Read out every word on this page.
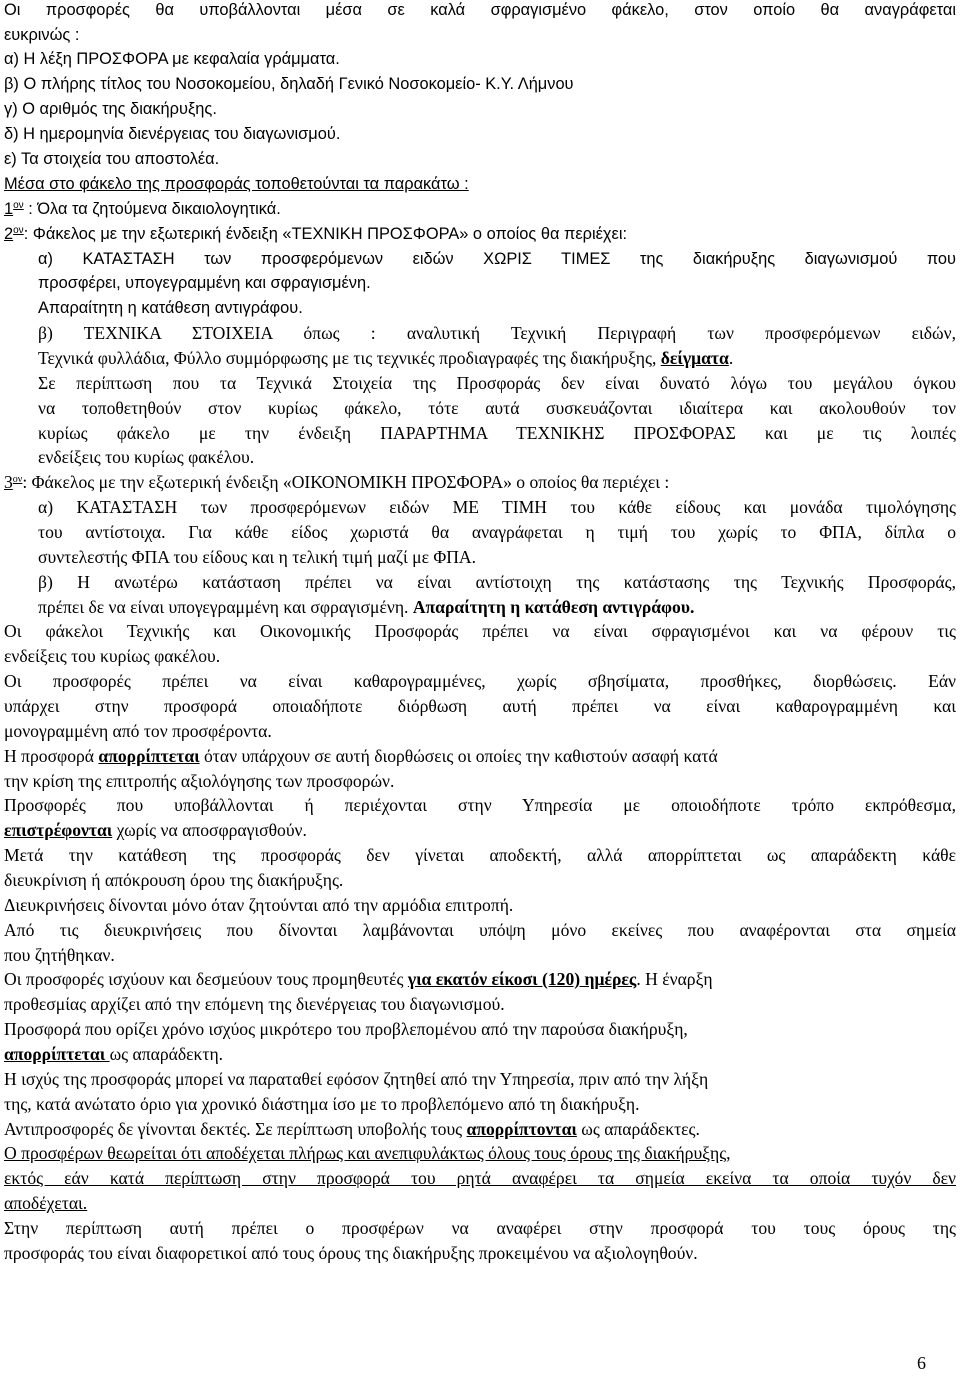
Οι προσφορές θα υποβάλλονται μέσα σε καλά σφραγισμένο φάκελο, στον οποίο θα αναγράφεται
ευκρινώς :
α) Η λέξη ΠΡΟΣΦΟΡΑ με κεφαλαία γράμματα.
β) Ο πλήρης τίτλος του Νοσοκομείου, δηλαδή Γενικό Νοσοκομείο- Κ.Υ. Λήμνου
γ) Ο αριθμός της διακήρυξης.
δ) Η ημερομηνία διενέργειας του διαγωνισμού.
ε) Τα στοιχεία του αποστολέα.
Μέσα στο φάκελο της προσφοράς τοποθετούνται τα παρακάτω :
$1^{o\nu}$ : Όλα τα ζητούμενα δικαιολογητικά.
$2^{o\nu}$: Φάκελος με την εξωτερική ένδειξη «ΤΕΧΝΙΚΗ ΠΡΟΣΦΟΡΑ» ο οποίος θα περιέχει:
α) ΚΑΤΑΣΤΑΣΗ των προσφερόμενων ειδών ΧΩΡΙΣ ΤΙΜΕΣ της διακήρυξης διαγωνισμού που
προσφέρει, υπογεγραμμένη και σφραγισμένη.
Απαραίτητη η κατάθεση αντιγράφου.
β) ΤΕΧΝΙΚΑ ΣΤΟΙΧΕΙΑ όπως : αναλυτική Τεχνική Περιγραφή των προσφερόμενων ειδών,
Τεχνικά φυλλάδια, Φύλλο συμμόρφωσης με τις τεχνικές προδιαγραφές της διακήρυξης, δείγματα.
Σε περίπτωση που τα Τεχνικά Στοιχεία της Προσφοράς δεν είναι δυνατό λόγω του μεγάλου όγκου
να τοποθετηθούν στον κυρίως φάκελο, τότε αυτά συσκευάζονται ιδιαίτερα και ακολουθούν τον
κυρίως φάκελο με την ένδειξη ΠΑΡΑΡΤΗΜΑ ΤΕΧΝΙΚΗΣ ΠΡΟΣΦΟΡΑΣ και με τις λοιπές
ενδείξεις του κυρίως φακέλου.
$3^{o\nu}$: Φάκελος με την εξωτερική ένδειξη «ΟΙΚΟΝΟΜΙΚΗ ΠΡΟΣΦΟΡΑ» ο οποίος θα περιέχει :
α) ΚΑΤΑΣΤΑΣΗ των προσφερόμενων ειδών ΜΕ ΤΙΜΗ του κάθε είδους και μονάδα τιμολόγησης
του αντίστοιχα. Για κάθε είδος χωριστά θα αναγράφεται η τιμή του χωρίς το ΦΠΑ, δίπλα ο
συντελεστής ΦΠΑ του είδους και η τελική τιμή μαζί με ΦΠΑ.
β) Η ανωτέρω κατάσταση πρέπει να είναι αντίστοιχη της κατάστασης της Τεχνικής Προσφοράς,
πρέπει δε να είναι υπογεγραμμένη και σφραγισμένη. Απαραίτητη η κατάθεση αντιγράφου.
Οι φάκελοι Τεχνικής και Οικονομικής Προσφοράς πρέπει να είναι σφραγισμένοι και να φέρουν τις
ενδείξεις του κυρίως φακέλου.
Οι προσφορές πρέπει να είναι καθαρογραμμένες, χωρίς σβησίματα, προσθήκες, διορθώσεις. Εάν
υπάρχει στην προσφορά οποιαδήποτε διόρθωση αυτή πρέπει να είναι καθαρογραμμένη και
μονογραμμένη από τον προσφέροντα.
Η προσφορά απορρίπτεται όταν υπάρχουν σε αυτή διορθώσεις οι οποίες την καθιστούν ασαφή κατά
την κρίση της επιτροπής αξιολόγησης των προσφορών.
Προσφορές που υποβάλλονται ή περιέχονται στην Υπηρεσία με οποιοδήποτε τρόπο εκπρόθεσμα,
επιστρέφονται χωρίς να αποσφραγισθούν.
Μετά την κατάθεση της προσφοράς δεν γίνεται αποδεκτή, αλλά απορρίπτεται ως απαράδεκτη κάθε
διευκρίνιση ή απόκρουση όρου της διακήρυξης.
Διευκρινήσεις δίνονται μόνο όταν ζητούνται από την αρμόδια επιτροπή.
Από τις διευκρινήσεις που δίνονται λαμβάνονται υπόψη μόνο εκείνες που αναφέρονται στα σημεία
που ζητήθηκαν.
Οι προσφορές ισχύουν και δεσμεύουν τους προμηθευτές για εκατόν είκοσι (120) ημέρες. Η έναρξη
προθεσμίας αρχίζει από την επόμενη της διενέργειας του διαγωνισμού.
Προσφορά που ορίζει χρόνο ισχύος μικρότερο του προβλεπομένου από την παρούσα διακήρυξη,
απορρίπτεται ως απαράδεκτη.
Η ισχύς της προσφοράς μπορεί να παραταθεί εφόσον ζητηθεί από την Υπηρεσία, πριν από την λήξη
της, κατά ανώτατο όριο για χρονικό διάστημα ίσο με το προβλεπόμενο από τη διακήρυξη.
Αντιπροσφορές δε γίνονται δεκτές. Σε περίπτωση υποβολής τους απορρίπτονται ως απαράδεκτες.
Ο προσφέρων θεωρείται ότι αποδέχεται πλήρως και ανεπιφυλάκτως όλους τους όρους της διακήρυξης,
εκτός εάν κατά περίπτωση στην προσφορά του ρητά αναφέρει τα σημεία εκείνα τα οποία τυχόν δεν
αποδέχεται.
Στην περίπτωση αυτή πρέπει ο προσφέρων να αναφέρει στην προσφορά του τους όρους της
προσφοράς του είναι διαφορετικοί από τους όρους της διακήρυξης προκειμένου να αξιολογηθούν.
6
